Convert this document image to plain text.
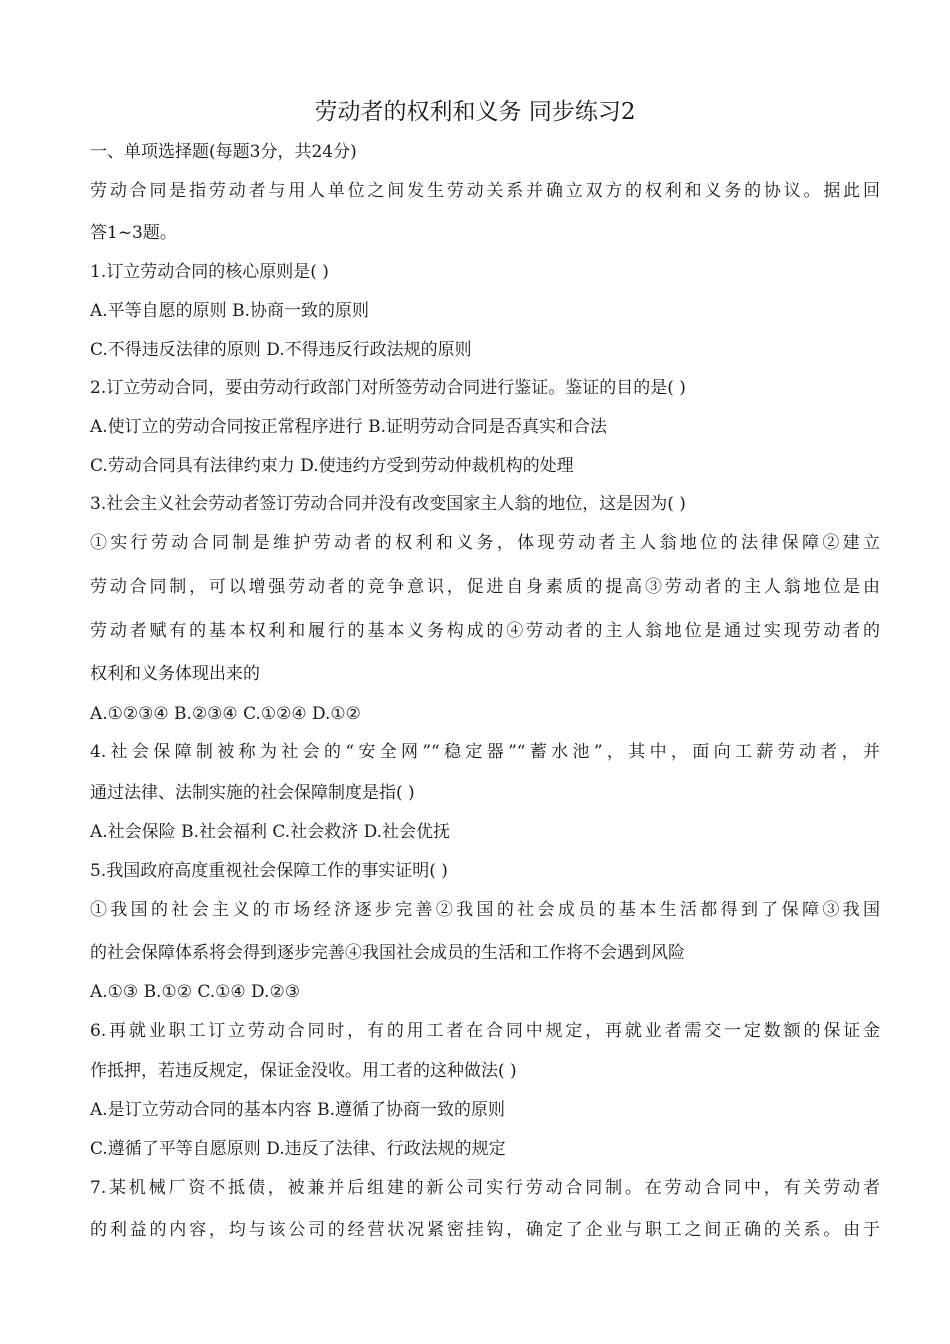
劳动者的权利和义务 同步练习2
一、单项选择题(每题3分，共24分)
劳动合同是指劳动者与用人单位之间发生劳动关系并确立双方的权利和义务的协议。据此回
答1~3题。
1.订立劳动合同的核心原则是( )
A.平等自愿的原则 B.协商一致的原则
C.不得违反法律的原则 D.不得违反行政法规的原则
2.订立劳动合同，要由劳动行政部门对所签劳动合同进行鉴证。鉴证的目的是( )
A.使订立的劳动合同按正常程序进行 B.证明劳动合同是否真实和合法
C.劳动合同具有法律约束力 D.使违约方受到劳动仲裁机构的处理
3.社会主义社会劳动者签订劳动合同并没有改变国家主人翁的地位，这是因为( )
①实行劳动合同制是维护劳动者的权利和义务，体现劳动者主人翁地位的法律保障②建立
劳动合同制，可以增强劳动者的竞争意识，促进自身素质的提高③劳动者的主人翁地位是由
劳动者赋有的基本权利和履行的基本义务构成的④劳动者的主人翁地位是通过实现劳动者的
权利和义务体现出来的
A.①②③④ B.②③④ C.①②④ D.①②
4.社会保障制被称为社会的“安全网”“稳定器”“蓄水池”，其中，面向工薪劳动者，并
通过法律、法制实施的社会保障制度是指( )
A.社会保险 B.社会福利 C.社会救济 D.社会优抚
5.我国政府高度重视社会保障工作的事实证明( )
①我国的社会主义的市场经济逐步完善②我国的社会成员的基本生活都得到了保障③我国
的社会保障体系将会得到逐步完善④我国社会成员的生活和工作将不会遇到风险
A.①③ B.①② C.①④ D.②③
6.再就业职工订立劳动合同时，有的用工者在合同中规定，再就业者需交一定数额的保证金
作抵押，若违反规定，保证金没收。用工者的这种做法( )
A.是订立劳动合同的基本内容 B.遵循了协商一致的原则
C.遵循了平等自愿原则 D.违反了法律、行政法规的规定
7.某机械厂资不抵债，被兼并后组建的新公司实行劳动合同制。在劳动合同中，有关劳动者
的利益的内容，均与该公司的经营状况紧密挂钩，确定了企业与职工之间正确的关系。由于
